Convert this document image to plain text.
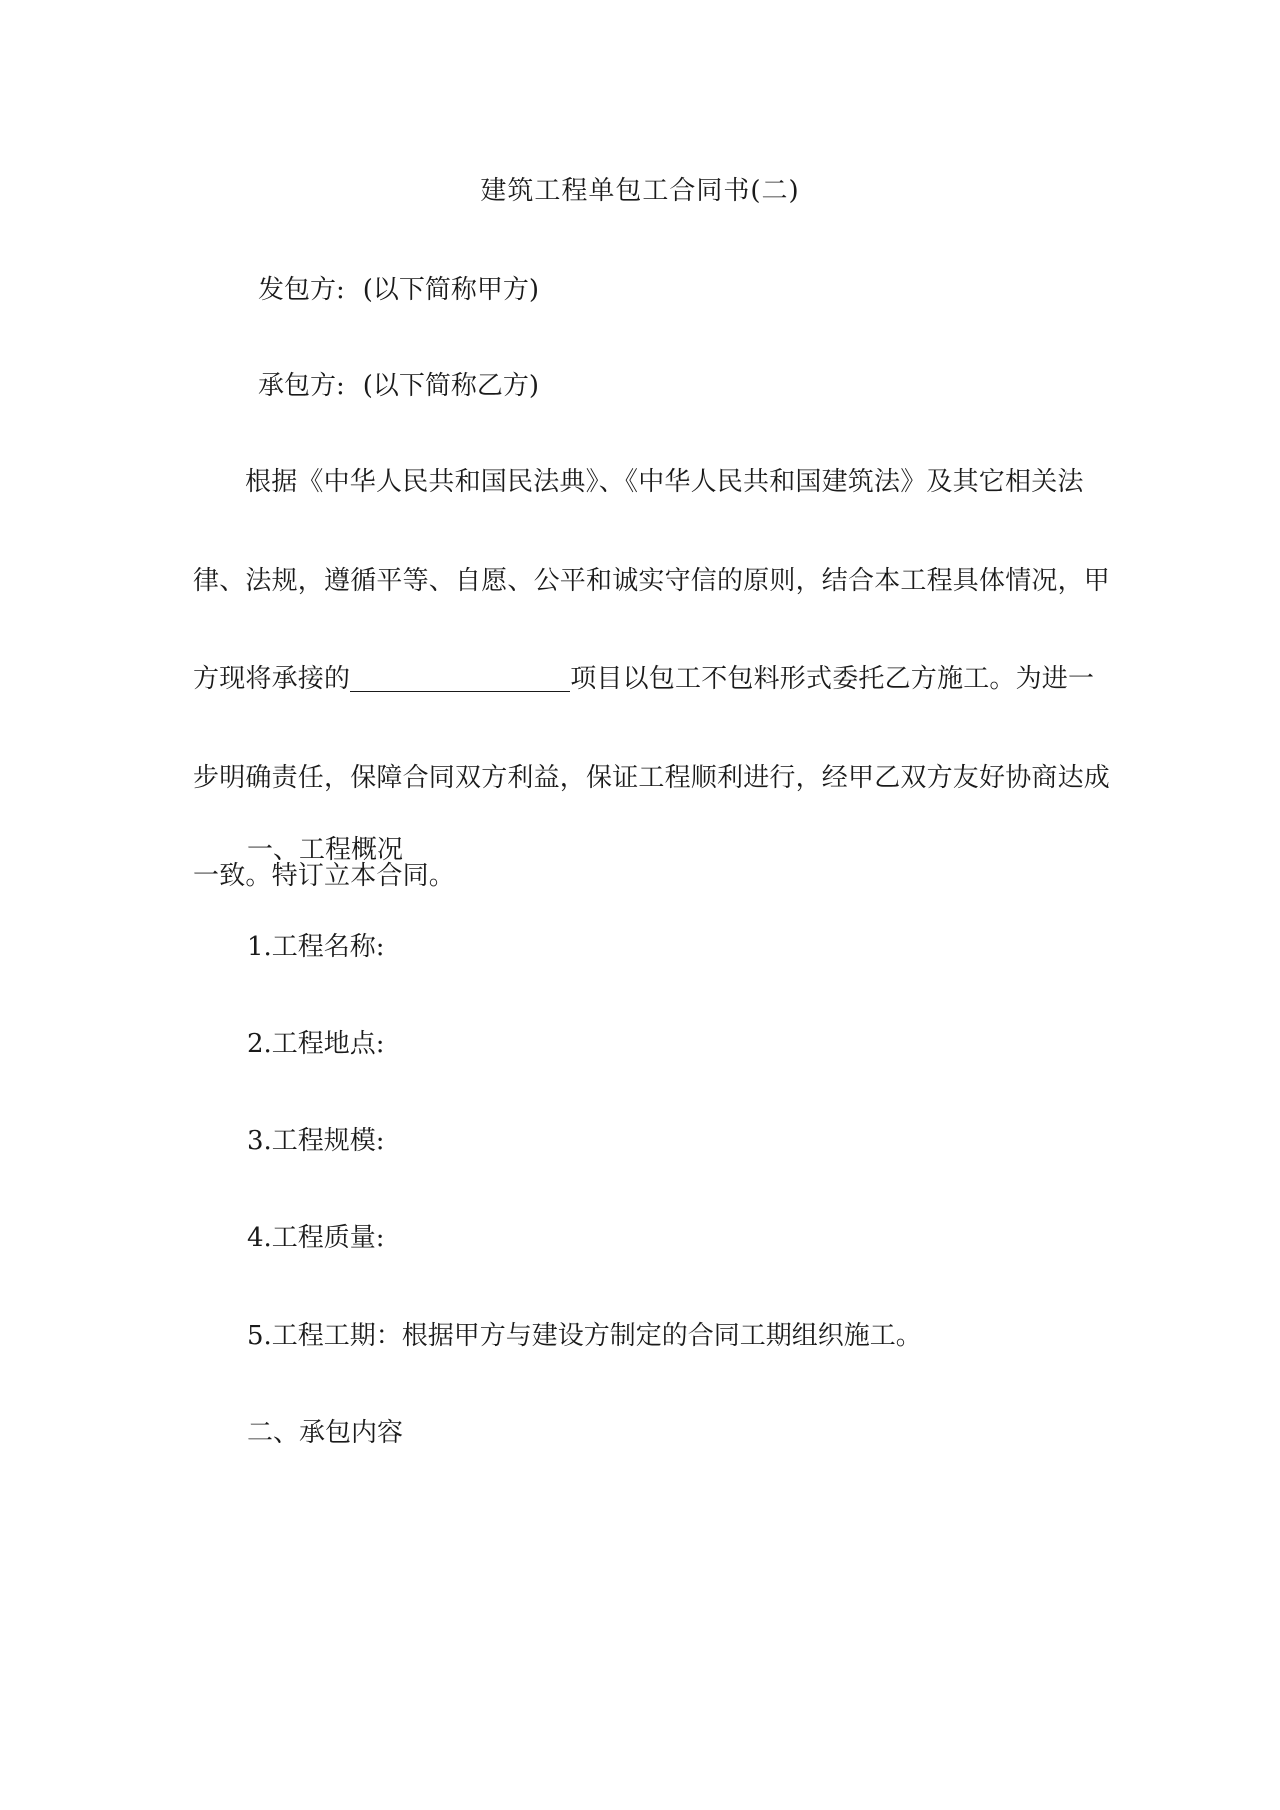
建筑工程单包工合同书(二)
发包方: (以下简称甲方)
承包方: (以下简称乙方)
根据《中华人民共和国民法典》、《中华人民共和国建筑法》及其它相关法
律、法规，遵循平等、自愿、公平和诚实守信的原则，结合本工程具体情况，甲
方现将承接的	项目以包工不包料形式委托乙方施工。为进一
步明确责任，保障合同双方利益，保证工程顺利进行，经甲乙双方友好协商达成
一致。特订立本合同。
一、工程概况
1.工程名称:
2.工程地点:
3.工程规模:
4.工程质量:
5.工程工期：根据甲方与建设方制定的合同工期组织施工。
二、承包内容
